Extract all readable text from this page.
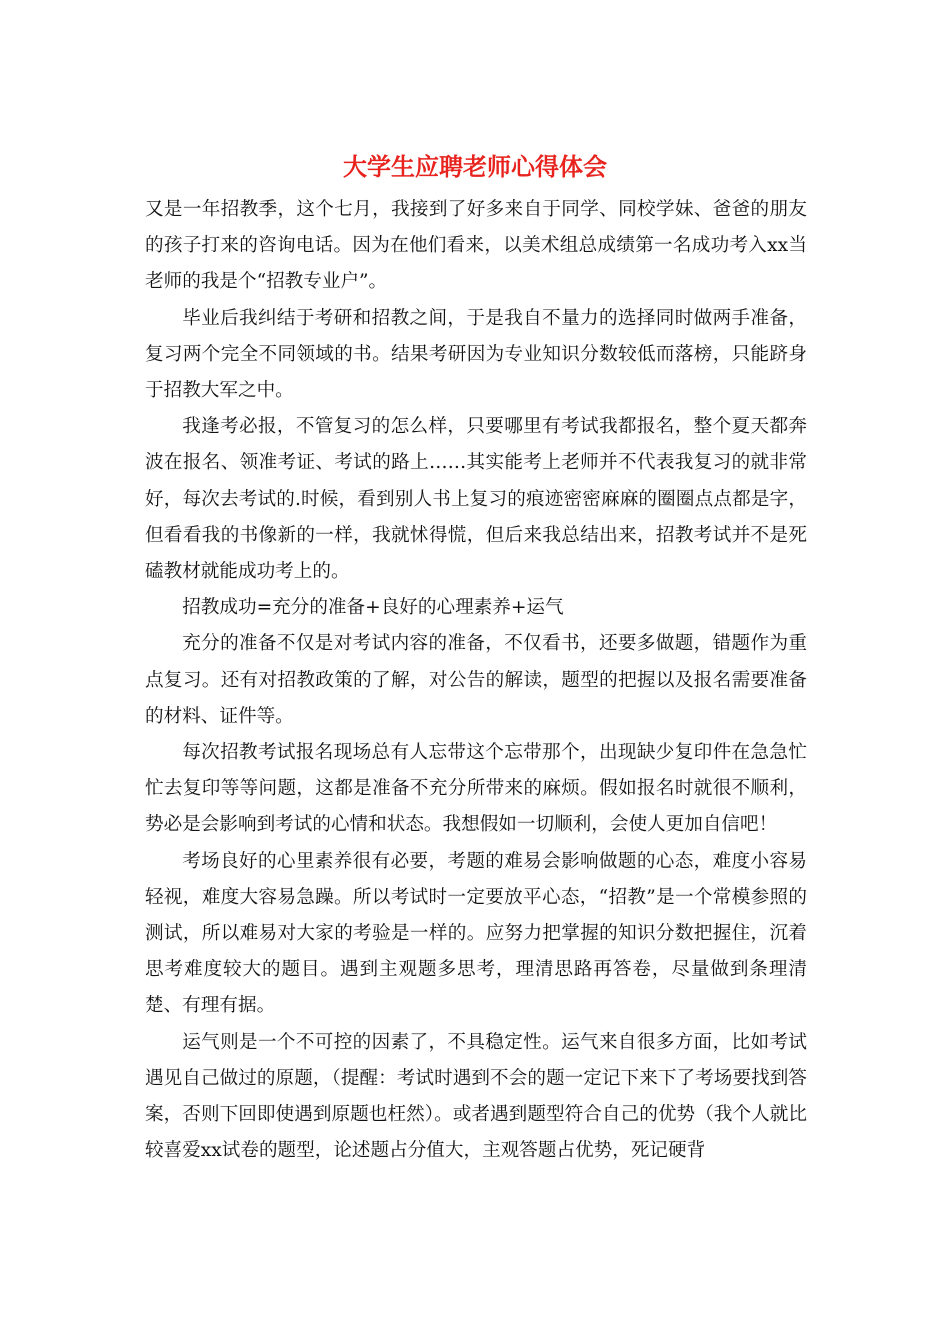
大学生应聘老师心得体会

又是一年招教季，这个七月，我接到了好多来自于同学、同校学妹、爸爸的朋友的孩子打来的咨询电话。因为在他们看来，以美术组总成绩第一名成功考入xx当老师的我是个“招教专业户”。

毕业后我纠结于考研和招教之间，于是我自不量力的选择同时做两手准备，复习两个完全不同领域的书。结果考研因为专业知识分数较低而落榜，只能跻身于招教大军之中。

我逢考必报，不管复习的怎么样，只要哪里有考试我都报名，整个夏天都奔波在报名、领准考证、考试的路上……其实能考上老师并不代表我复习的就非常好，每次去考试的.时候，看到别人书上复习的痕迹密密麻麻的圈圈点点都是字，但看看我的书像新的一样，我就怵得慌，但后来我总结出来，招教考试并不是死磕教材就能成功考上的。

招教成功=充分的准备+良好的心理素养+运气

充分的准备不仅是对考试内容的准备，不仅看书，还要多做题，错题作为重点复习。还有对招教政策的了解，对公告的解读，题型的把握以及报名需要准备的材料、证件等。

每次招教考试报名现场总有人忘带这个忘带那个，出现缺少复印件在急急忙忙去复印等等问题，这都是准备不充分所带来的麻烦。假如报名时就很不顺利，势必是会影响到考试的心情和状态。我想假如一切顺利，会使人更加自信吧！

考场良好的心里素养很有必要，考题的难易会影响做题的心态，难度小容易轻视，难度大容易急躁。所以考试时一定要放平心态，“招教”是一个常模参照的测试，所以难易对大家的考验是一样的。应努力把掌握的知识分数把握住，沉着思考难度较大的题目。遇到主观题多思考，理清思路再答卷，尽量做到条理清楚、有理有据。

运气则是一个不可控的因素了，不具稳定性。运气来自很多方面，比如考试遇见自己做过的原题，（提醒：考试时遇到不会的题一定记下来下了考场要找到答案，否则下回即使遇到原题也枉然）。或者遇到题型符合自己的优势（我个人就比较喜爱xx试卷的题型，论述题占分值大，主观答题占优势，死记硬背
